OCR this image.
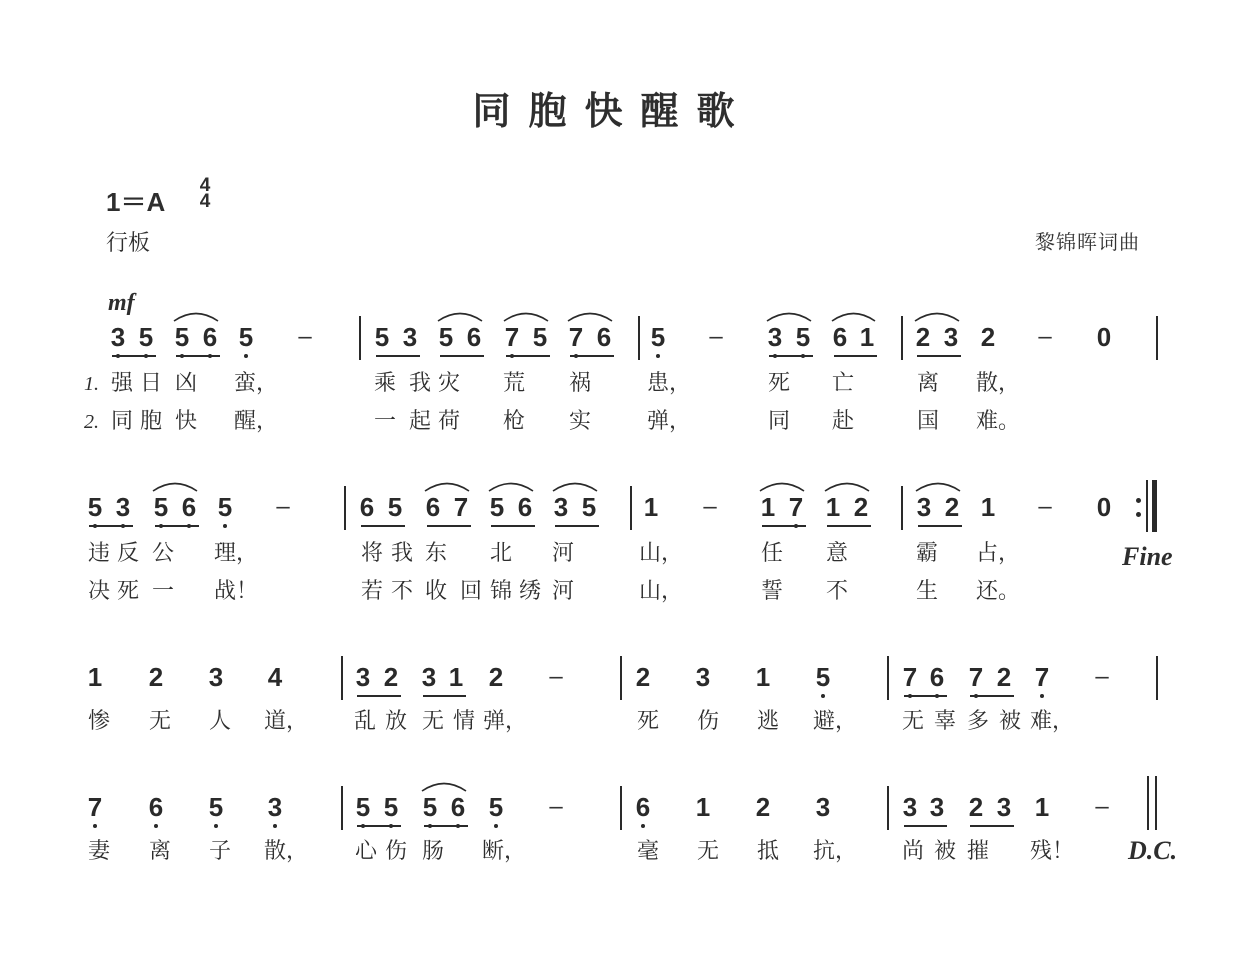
同胞快醒歌
1＝A
4
4
行板	黎锦晖词曲
mf
3 5 5 6 5 – 5 3 5 6 7 5 7 6 5 – 3 5 6 1 2 3 2 – 0
强 日 凶 蛮，	乘 我 灾 荒 祸	患，	死 亡	离 散，
1.
同 胞 快 醒，	一 起 荷 枪 实	弹，	同 赴	国 难。
2.
5 3 5 6 5 –	6 5 6 7 5 6 3 5 1 – 1 7 1 2 3 2 1 – 0
Fine
违 反 公 理，	将 我 东 北 河	山，	任 意	霸 占，
决 死 一 战！	若 不 收 回 锦 绣 河	山，	誓 不	生 还。
1 2 3 4	3 2 3 1 2 –	2 3 1 5	7 6 7 2 7 –
惨 无 人 道， 乱 放 无 情 弹，	死 伤 逃 避， 无 辜 多 被 难，
7 6 5 3	5 5 5 6 5 –	6 1 2 3	3 3 2 3 1 –
D.C.
妻 离 子 散， 心 伤 肠 断，	毫 无 抵 抗， 尚 被 摧 残！
